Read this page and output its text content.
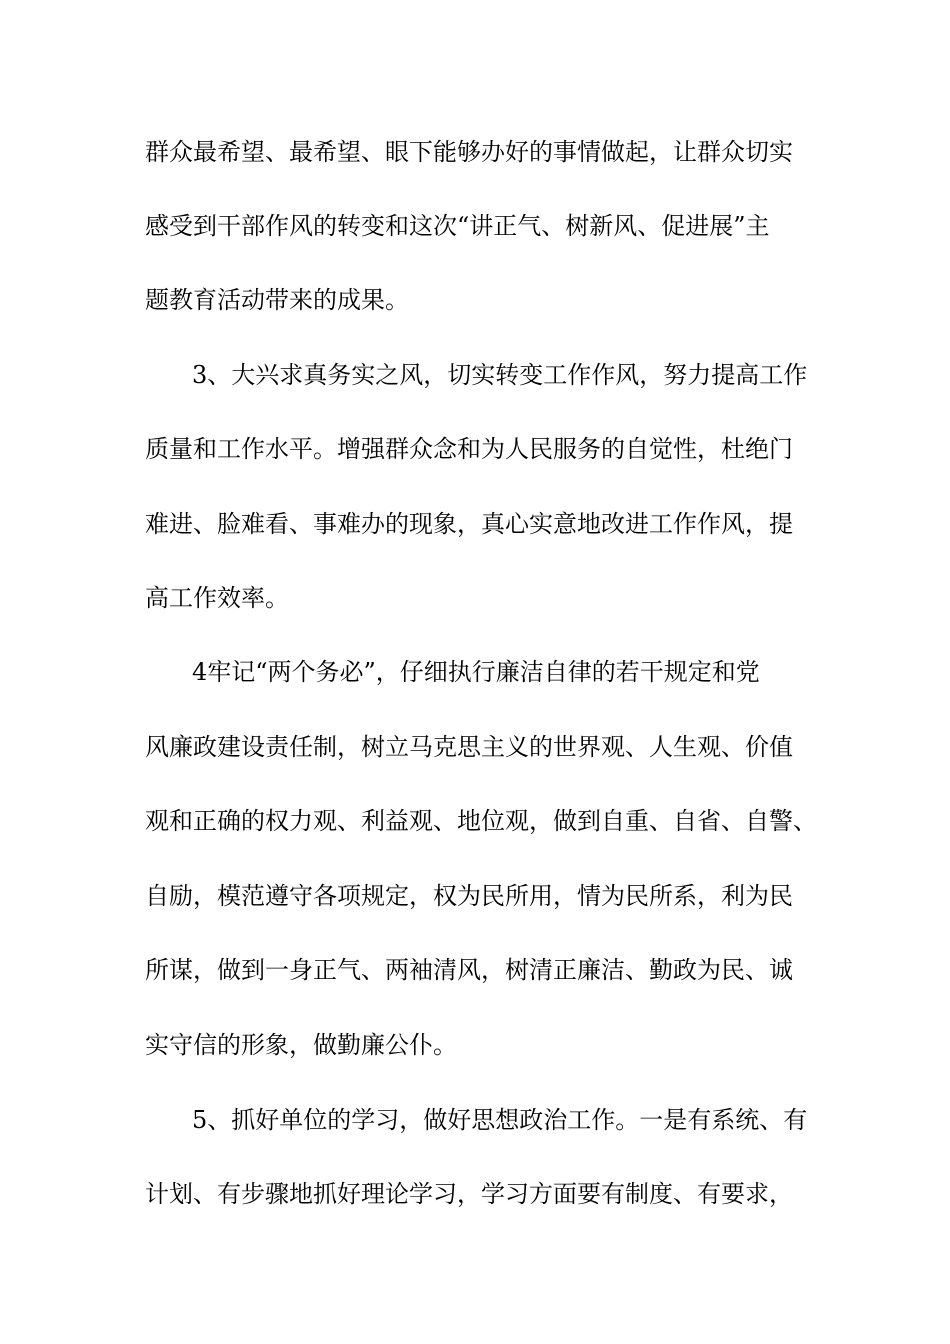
群众最希望、最希望、眼下能够办好的事情做起，让群众切实
感受到干部作风的转变和这次“讲正气、树新风、促进展”主
题教育活动带来的成果。
3、大兴求真务实之风，切实转变工作作风，努力提高工作
质量和工作水平。增强群众念和为人民服务的自觉性，杜绝门
难进、脸难看、事难办的现象，真心实意地改进工作作风，提
高工作效率。
4牢记“两个务必”，仔细执行廉洁自律的若干规定和党
风廉政建设责任制，树立马克思主义的世界观、人生观、价值
观和正确的权力观、利益观、地位观，做到自重、自省、自警、
自励，模范遵守各项规定，权为民所用，情为民所系，利为民
所谋，做到一身正气、两袖清风，树清正廉洁、勤政为民、诚
实守信的形象，做勤廉公仆。
5、抓好单位的学习，做好思想政治工作。一是有系统、有
计划、有步骤地抓好理论学习，学习方面要有制度、有要求，
